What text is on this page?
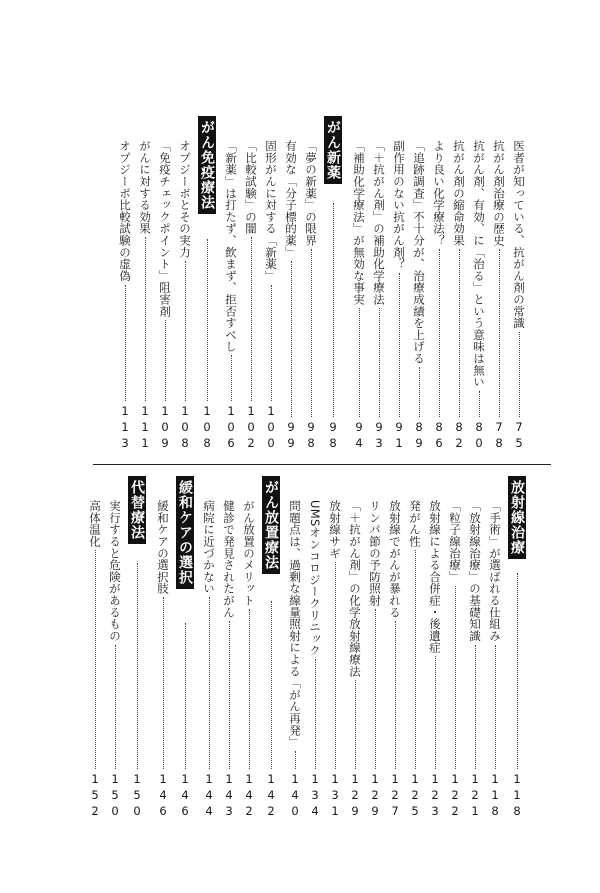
医者が知っている、抗がん剤の常識
75
抗がん剤治療の歴史
78
抗がん剤、有効、に「治る」という意味は無い
80
抗がん剤の縮命効果
82
より良い化学療法？
86
「追跡調査」不十分が、治療成績を上げる
89
副作用のない抗がん剤？
91
「＋抗がん剤」の補助化学療法
93
「補助化学療法」が無効な事実
94
がん新薬
98
「夢の新薬」の限界
98
有効な「分子標的薬」
99
固形がんに対する「新薬」
100
「比較試験」の闇
102
「新薬」は打たず、飲まず、拒否すべし
106
がん免疫療法
108
オプジーボとその実力
108
「免疫チェックポイント」阻害剤
109
がんに対する効果
111
オプジーボ比較試験の虚偽
113
放射線治療
118
「手術」が選ばれる仕組み
118
「放射線治療」の基礎知識
121
「粒子線治療」
122
放射線による合併症・後遺症
123
発がん性
125
放射線でがんが暴れる
127
リンパ節の予防照射
129
「＋抗がん剤」の化学放射線療法
129
放射線サギ
131
UMSオンコロジークリニック
134
問題点は、過剰な線量照射による「がん再発」
140
がん放置療法
142
がん放置のメリット
142
健診で発見されたがん
143
病院に近づかない
144
緩和ケアの選択
146
緩和ケアの選択肢
146
代替療法
150
実行すると危険があるもの
150
高体温化
152
